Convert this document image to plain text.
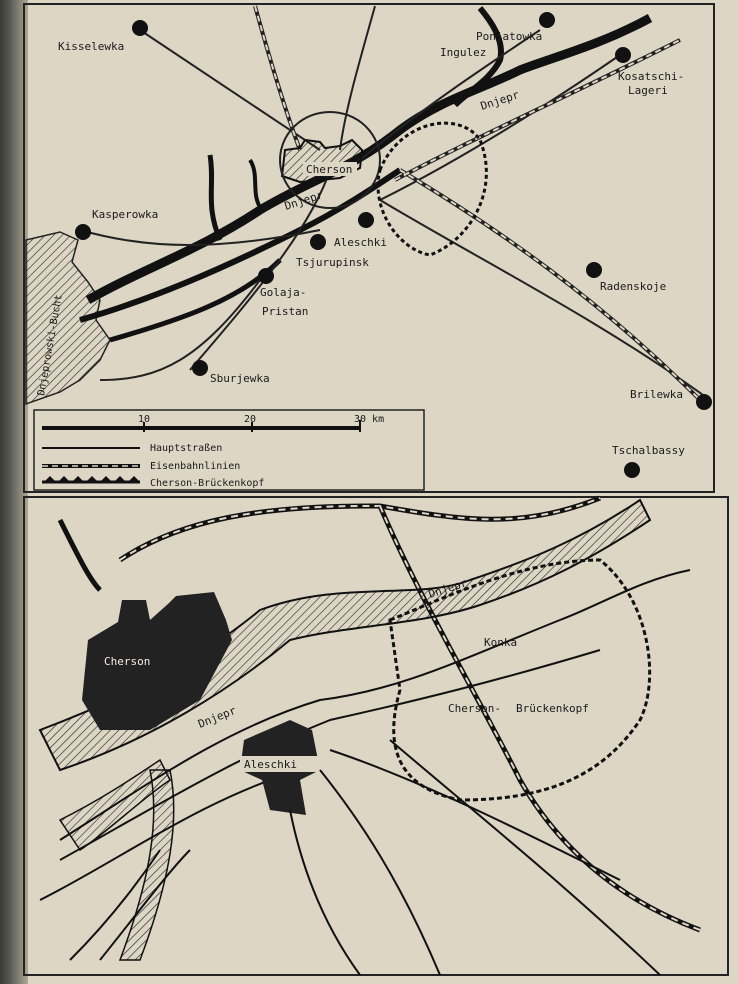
Kisselewka
Ponjatowka
Ingulez
Kosatschi-
Lageri
Cherson
Dnjepr
Kasperowka
Dnjepr
Aleschki
Tsjurupinsk
Golaja-
Pristan
Radenskoje
Sburjewka
Brilewka
Tschalbassy
Dnjeprowski-Bucht
10	20	30 km
Hauptstraßen
Eisenbahnlinien
Cherson-Brückenkopf
Cherson
Aleschki
Dnjepr
Dnjepr
Konka
Cherson- Brückenkopf
